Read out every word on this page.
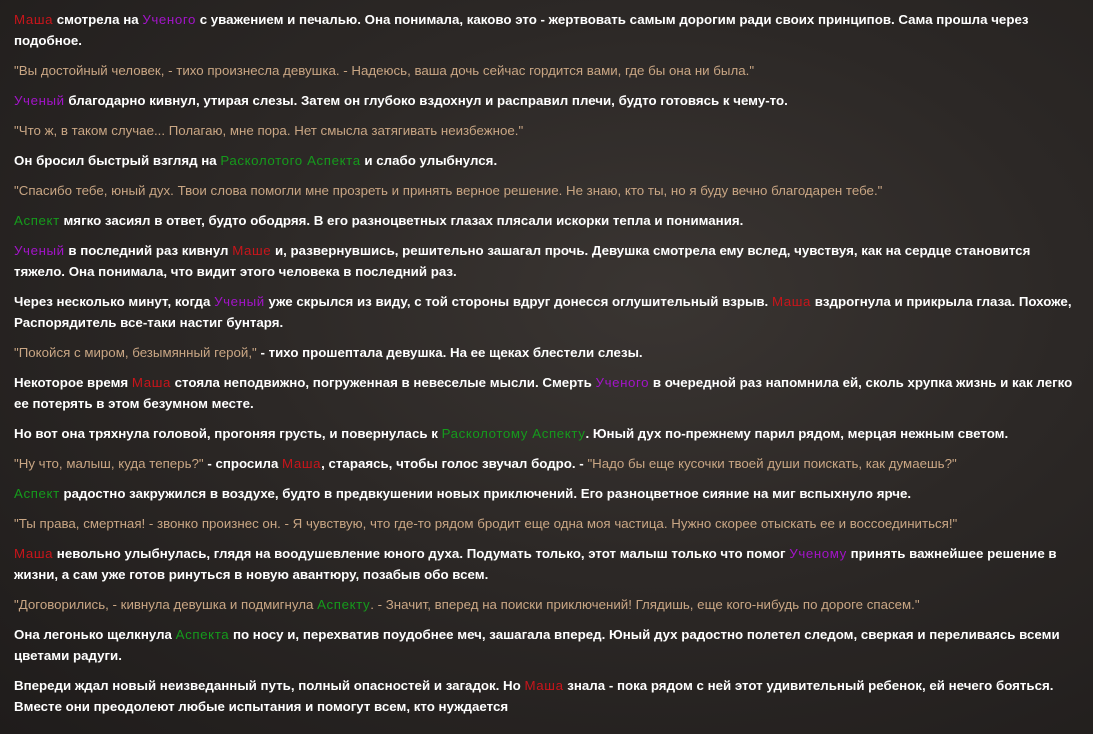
Маша смотрела на Ученого с уважением и печалью. Она понимала, каково это - жертвовать самым дорогим ради своих принципов. Сама прошла через подобное.
"Вы достойный человек, - тихо произнесла девушка. - Надеюсь, ваша дочь сейчас гордится вами, где бы она ни была."
Ученый благодарно кивнул, утирая слезы. Затем он глубоко вздохнул и расправил плечи, будто готовясь к чему-то.
"Что ж, в таком случае... Полагаю, мне пора. Нет смысла затягивать неизбежное."
Он бросил быстрый взгляд на Расколотого Аспекта и слабо улыбнулся.
"Спасибо тебе, юный дух. Твои слова помогли мне прозреть и принять верное решение. Не знаю, кто ты, но я буду вечно благодарен тебе."
Аспект мягко засиял в ответ, будто ободряя. В его разноцветных глазах плясали искорки тепла и понимания.
Ученый в последний раз кивнул Маше и, развернувшись, решительно зашагал прочь. Девушка смотрела ему вслед, чувствуя, как на сердце становится тяжело. Она понимала, что видит этого человека в последний раз.
Через несколько минут, когда Ученый уже скрылся из виду, с той стороны вдруг донесся оглушительный взрыв. Маша вздрогнула и прикрыла глаза. Похоже, Распорядитель все-таки настиг бунтаря.
"Покойся с миром, безымянный герой," - тихо прошептала девушка. На ее щеках блестели слезы.
Некоторое время Маша стояла неподвижно, погруженная в невеселые мысли. Смерть Ученого в очередной раз напомнила ей, сколь хрупка жизнь и как легко ее потерять в этом безумном месте.
Но вот она тряхнула головой, прогоняя грусть, и повернулась к Расколотому Аспекту. Юный дух по-прежнему парил рядом, мерцая нежным светом.
"Ну что, малыш, куда теперь?" - спросила Маша, стараясь, чтобы голос звучал бодро. - "Надо бы еще кусочки твоей души поискать, как думаешь?"
Аспект радостно закружился в воздухе, будто в предвкушении новых приключений. Его разноцветное сияние на миг вспыхнуло ярче.
"Ты права, смертная! - звонко произнес он. - Я чувствую, что где-то рядом бродит еще одна моя частица. Нужно скорее отыскать ее и воссоединиться!"
Маша невольно улыбнулась, глядя на воодушевление юного духа. Подумать только, этот малыш только что помог Ученому принять важнейшее решение в жизни, а сам уже готов ринуться в новую авантюру, позабыв обо всем.
"Договорились, - кивнула девушка и подмигнула Аспекту. - Значит, вперед на поиски приключений! Глядишь, еще кого-нибудь по дороге спасем."
Она легонько щелкнула Аспекта по носу и, перехватив поудобнее меч, зашагала вперед. Юный дух радостно полетел следом, сверкая и переливаясь всеми цветами радуги.
Впереди ждал новый неизведанный путь, полный опасностей и загадок. Но Маша знала - пока рядом с ней этот удивительный ребенок, ей нечего бояться. Вместе они преодолеют любые испытания и помогут всем, кто нуждается
